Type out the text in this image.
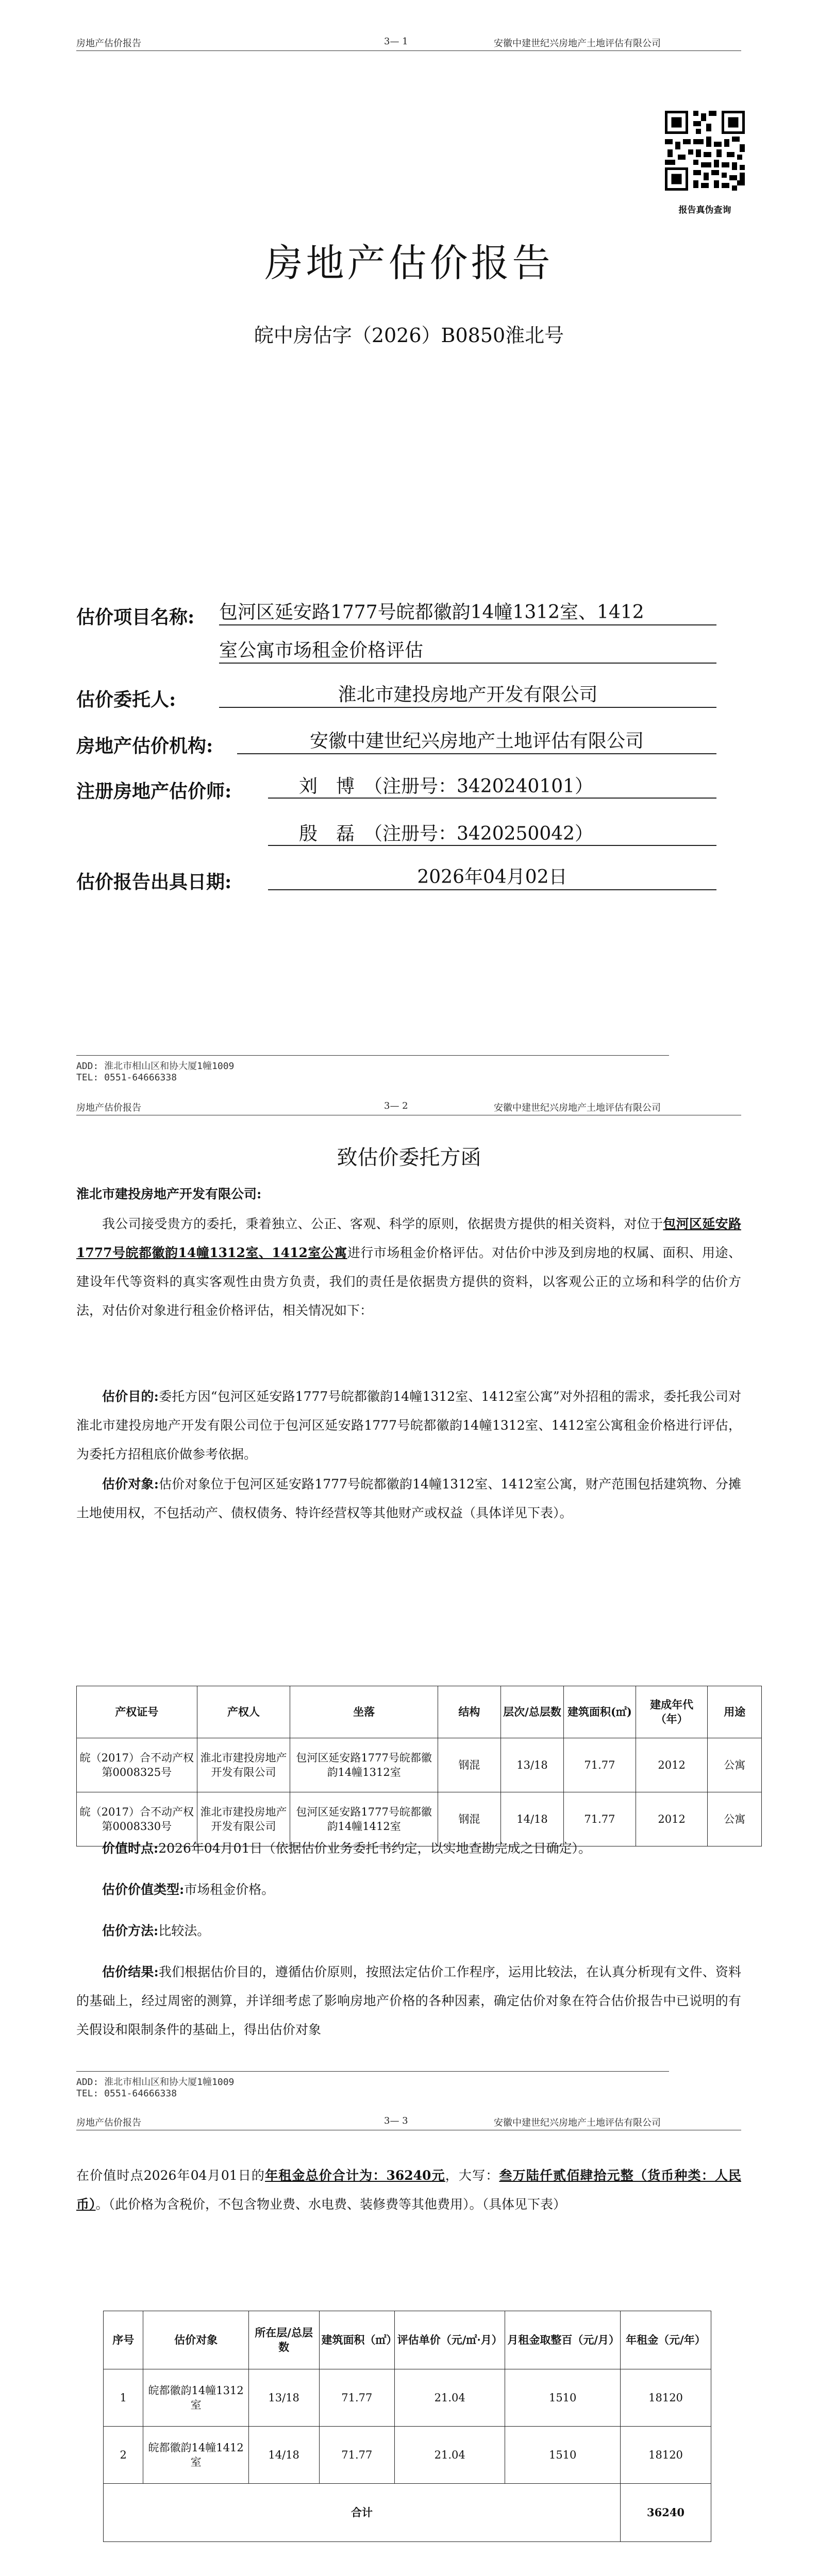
房地产估价报告	3— 1	安徽中建世纪兴房地产土地评估有限公司
报告真伪查询
房地产估价报告
皖中房估字（2026）B0850淮北号
估价项目名称: 包河区延安路1777号皖都徽韵14幢1312室、1412
室公寓市场租金价格评估
估价委托人:	淮北市建投房地产开发有限公司
房地产估价机构:	安徽中建世纪兴房地产土地评估有限公司
注册房地产估价师:	刘　博　（注册号：3420240101）
殷　磊　（注册号：3420250042）
估价报告出具日期:	2026年04月02日
ADD: 淮北市相山区和协大厦1幢1009
TEL: 0551-64666338
房地产估价报告	3— 2	安徽中建世纪兴房地产土地评估有限公司
致估价委托方函
淮北市建投房地产开发有限公司:
我公司接受贵方的委托，秉着独立、公正、客观、科学的原则，依据贵方提供的相关资料，对位于包河区延安路1777号皖都徽韵14幢1312室、1412室公寓进行市场租金价格评估。对估价中涉及到房地的权属、面积、用途、建设年代等资料的真实客观性由贵方负责，我们的责任是依据贵方提供的资料，以客观公正的立场和科学的估价方法，对估价对象进行租金价格评估，相关情况如下：
估价目的:委托方因“包河区延安路1777号皖都徽韵14幢1312室、1412室公寓”对外招租的需求，委托我公司对淮北市建投房地产开发有限公司位于包河区延安路1777号皖都徽韵14幢1312室、1412室公寓租金价格进行评估，为委托方招租底价做参考依据。
估价对象:估价对象位于包河区延安路1777号皖都徽韵14幢1312室、1412室公寓，财产范围包括建筑物、分摊土地使用权，不包括动产、债权债务、特许经营权等其他财产或权益（具体详见下表）。
产权证号	产权人	坐落	结构	层次/总层数	建筑面积(㎡)	建成年代（年）	用途
皖（2017）合不动产权第0008325号	淮北市建投房地产开发有限公司	包河区延安路1777号皖都徽韵14幢1312室	钢混	13/18	71.77	2012	公寓
皖（2017）合不动产权第0008330号	淮北市建投房地产开发有限公司	包河区延安路1777号皖都徽韵14幢1412室	钢混	14/18	71.77	2012	公寓
价值时点:2026年04月01日（依据估价业务委托书约定，以实地查勘完成之日确定）。
估价价值类型:市场租金价格。
估价方法:比较法。
估价结果:我们根据估价目的，遵循估价原则，按照法定估价工作程序，运用比较法，在认真分析现有文件、资料的基础上，经过周密的测算，并详细考虑了影响房地产价格的各种因素，确定估价对象在符合估价报告中已说明的有关假设和限制条件的基础上，得出估价对象
ADD: 淮北市相山区和协大厦1幢1009
TEL: 0551-64666338
房地产估价报告	3— 3	安徽中建世纪兴房地产土地评估有限公司
在价值时点2026年04月01日的年租金总价合计为：36240元，大写：叁万陆仟贰佰肆拾元整（货币种类：人民币）。（此价格为含税价，不包含物业费、水电费、装修费等其他费用）。（具体见下表）
序号	估价对象	所在层/总层数	建筑面积（㎡）	评估单价（元/㎡·月）	月租金取整百（元/月）	年租金（元/年）
1	皖都徽韵14幢1312室	13/18	71.77	21.04	1510	18120
2	皖都徽韵14幢1412室	14/18	71.77	21.04	1510	18120
合计						36240
